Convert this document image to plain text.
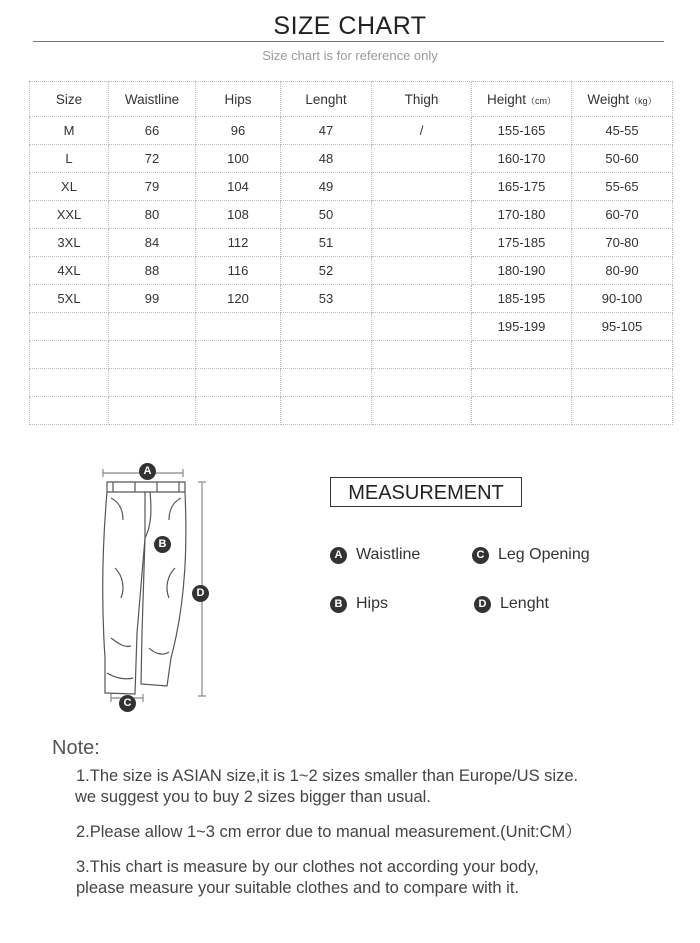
SIZE CHART
Size chart is for reference only
Size	Waistline	Hips	Lenght	Thigh	Height（cm）	Weight（kg）
M	66	96	47	/	155-165	45-55
L	72	100	48		160-170	50-60
XL	79	104	49		165-175	55-65
XXL	80	108	50		170-180	60-70
3XL	84	112	51		175-185	70-80
4XL	88	116	52		180-190	80-90
5XL	99	120	53		185-195	90-100
					195-199	95-105

A
B
C
D
MEASUREMENT
A Waistline	C Leg Opening
B Hips	D Lenght
Note:
1.The size is ASIAN size,it is 1~2 sizes smaller than Europe/US size.
we suggest you to buy 2 sizes bigger than usual.
2.Please allow 1~3 cm error due to manual measurement.(Unit:CM）
3.This chart is measure by our clothes not according your body,
please measure your suitable clothes and to compare with it.
